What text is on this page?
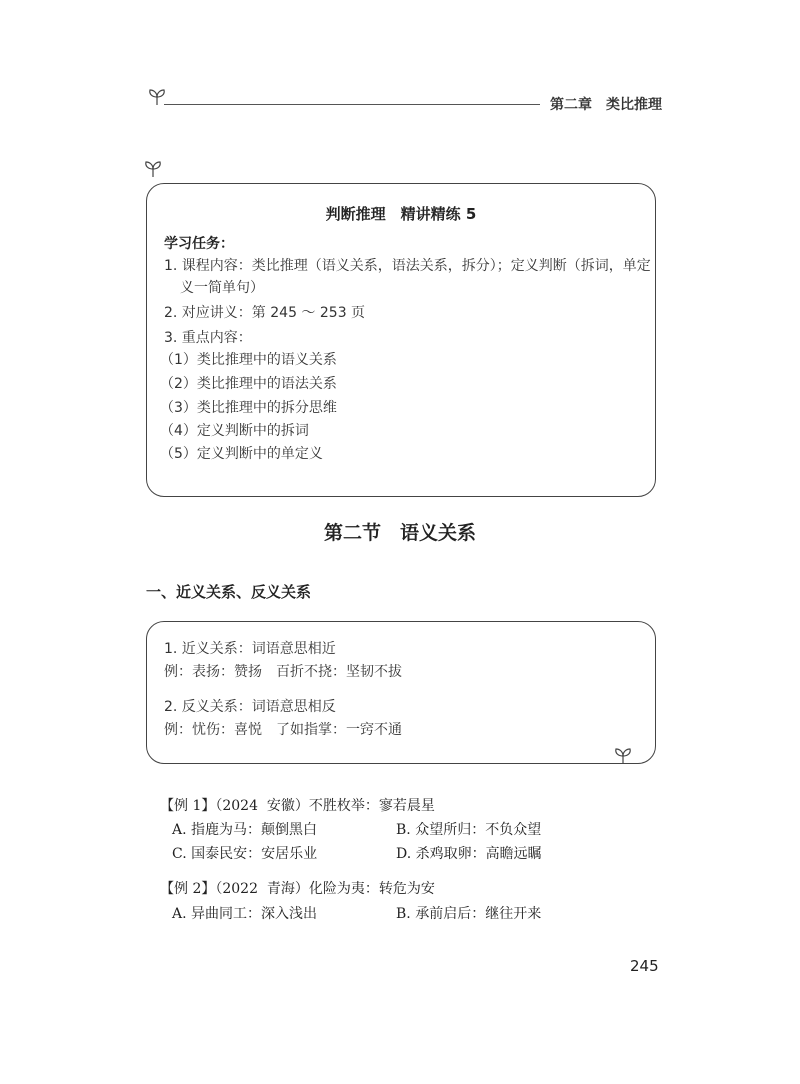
第二章　类比推理
判断推理　精讲精练 5
学习任务：
1. 课程内容：类比推理（语义关系，语法关系，拆分）；定义判断（拆词，单定
义一简单句）
2. 对应讲义：第 245 ～ 253 页
3. 重点内容：
（1）类比推理中的语义关系
（2）类比推理中的语法关系
（3）类比推理中的拆分思维
（4）定义判断中的拆词
（5）定义判断中的单定义
第二节　语义关系
一、近义关系、反义关系
1. 近义关系：词语意思相近
例：表扬：赞扬　百折不挠：坚韧不拔
2. 反义关系：词语意思相反
例：忧伤：喜悦　了如指掌：一窍不通
【例 1】（2024  安徽）不胜枚举：寥若晨星
A. 指鹿为马：颠倒黑白	B. 众望所归：不负众望
C. 国泰民安：安居乐业	D. 杀鸡取卵：高瞻远瞩
【例 2】（2022  青海）化险为夷：转危为安
A. 异曲同工：深入浅出	B. 承前启后：继往开来
245
